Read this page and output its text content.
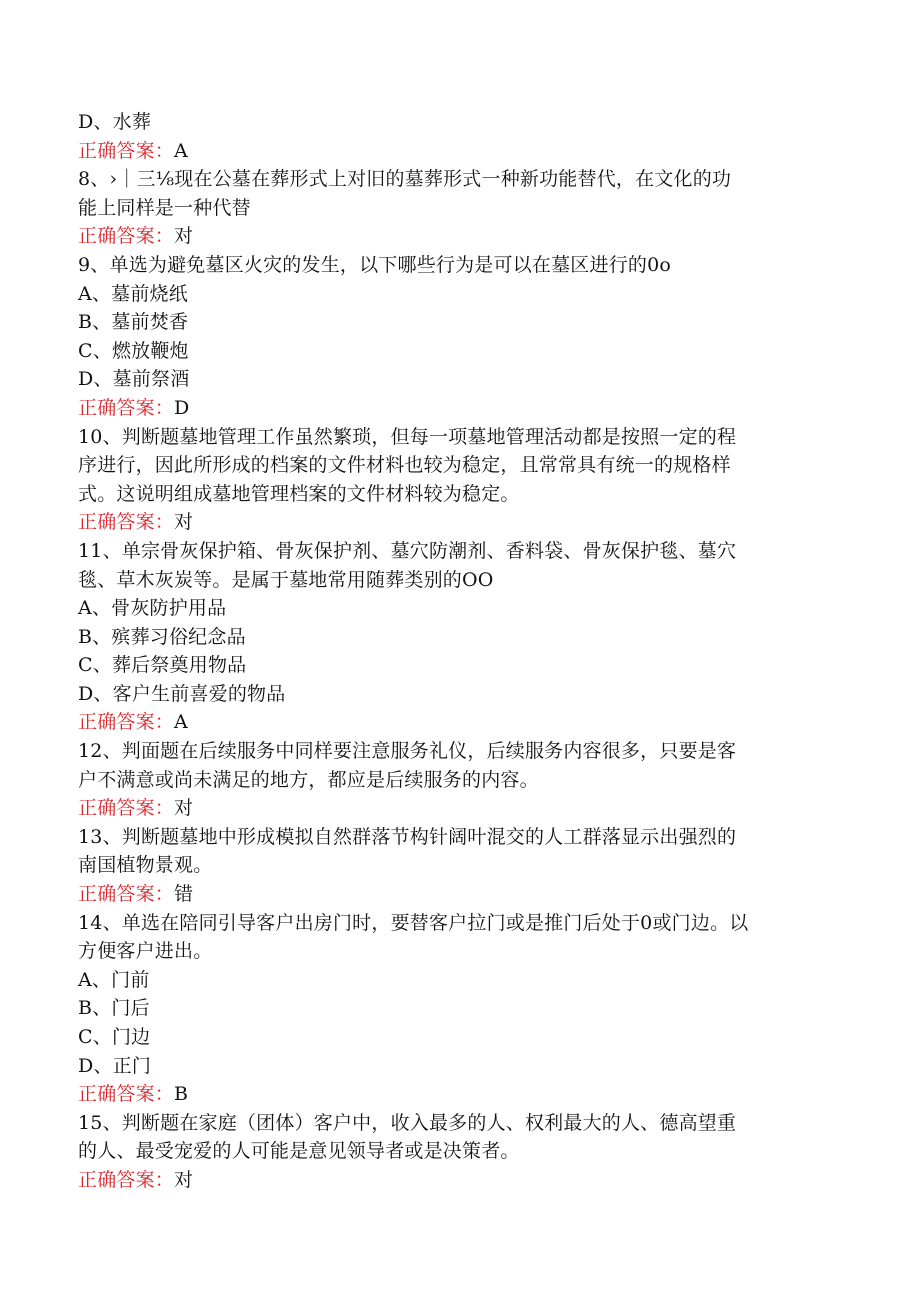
D、水葬
正确答案：A
8、›｜三⅛现在公墓在葬形式上对旧的墓葬形式一种新功能替代，在文化的功
能上同样是一种代替
正确答案：对
9、单选为避免墓区火灾的发生，以下哪些行为是可以在墓区进行的0o
A、墓前烧纸
B、墓前焚香
C、燃放鞭炮
D、墓前祭酒
正确答案：D
10、判断题墓地管理工作虽然繁琐，但每一项墓地管理活动都是按照一定的程
序进行，因此所形成的档案的文件材料也较为稳定，且常常具有统一的规格样
式。这说明组成墓地管理档案的文件材料较为稳定。
正确答案：对
11、单宗骨灰保护箱、骨灰保护剂、墓穴防潮剂、香料袋、骨灰保护毯、墓穴
毯、草木灰炭等。是属于墓地常用随葬类别的OO
A、骨灰防护用品
B、殡葬习俗纪念品
C、葬后祭奠用物品
D、客户生前喜爱的物品
正确答案：A
12、判面题在后续服务中同样要注意服务礼仪，后续服务内容很多，只要是客
户不满意或尚未满足的地方，都应是后续服务的内容。
正确答案：对
13、判断题墓地中形成模拟自然群落节构针阔叶混交的人工群落显示出强烈的
南国植物景观。
正确答案：错
14、单选在陪同引导客户出房门时，要替客户拉门或是推门后处于0或门边。以
方便客户进出。
A、门前
B、门后
C、门边
D、正门
正确答案：B
15、判断题在家庭（团体）客户中，收入最多的人、权利最大的人、德高望重
的人、最受宠爱的人可能是意见领导者或是决策者。
正确答案：对
